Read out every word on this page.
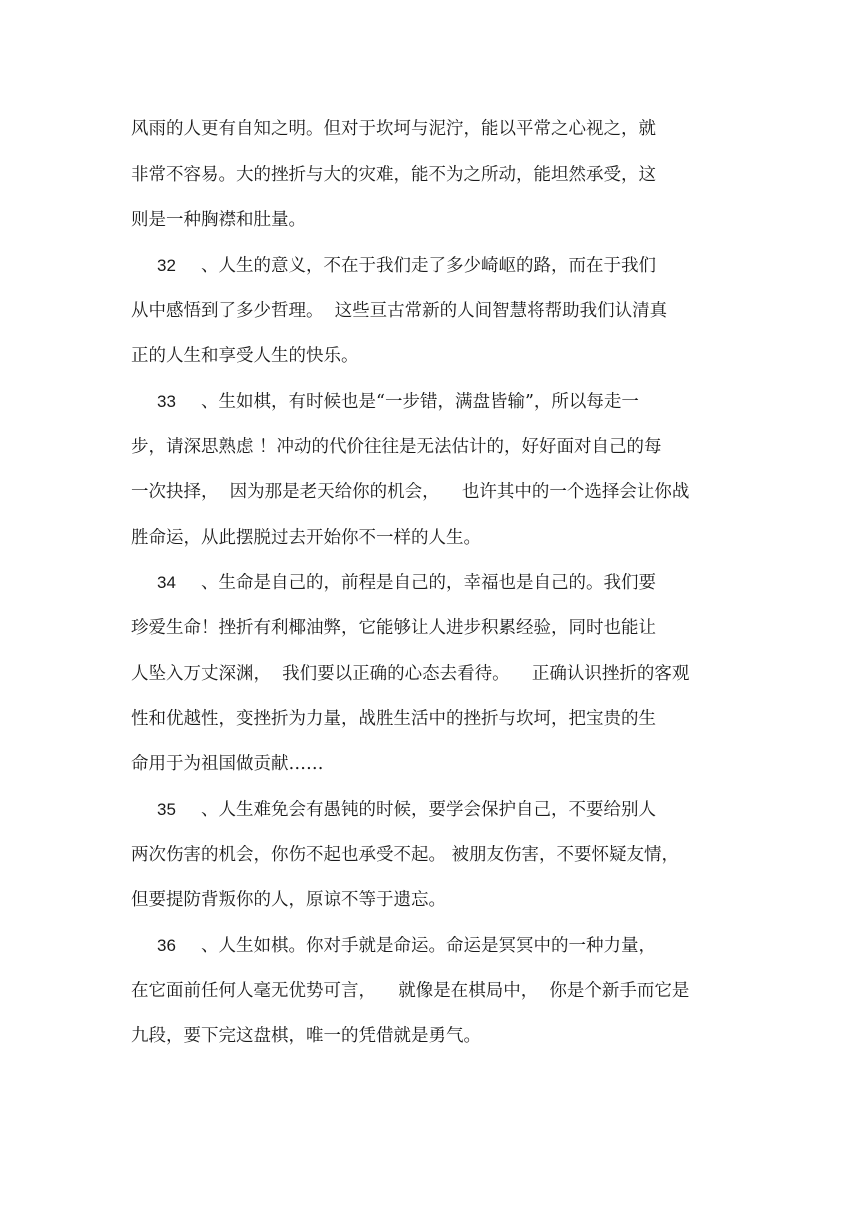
风雨的人更有自知之明。但对于坎坷与泥泞，能以平常之心视之，就
非常不容易。大的挫折与大的灾难，能不为之所动，能坦然承受，这
则是一种胸襟和肚量。
32 、人生的意义，不在于我们走了多少崎岖的路，而在于我们
从中感悟到了多少哲理。  这些亘古常新的人间智慧将帮助我们认清真
正的人生和享受人生的快乐。
33 、生如棋，有时候也是“一步错，满盘皆输”，所以每走一
步，请深思熟虑 ！冲动的代价往往是无法估计的，好好面对自己的每
一次抉择，  因为那是老天给你的机会，    也许其中的一个选择会让你战
胜命运，从此摆脱过去开始你不一样的人生。
34 、生命是自己的，前程是自己的，幸福也是自己的。我们要
珍爱生命！挫折有利椰油弊，它能够让人进步积累经验，同时也能让
人坠入万丈深渊，  我们要以正确的心态去看待。    正确认识挫折的客观
性和优越性，变挫折为力量，战胜生活中的挫折与坎坷，把宝贵的生
命用于为祖国做贡献……
35 、人生难免会有愚钝的时候，要学会保护自己，不要给别人
两次伤害的机会，你伤不起也承受不起。 被朋友伤害，不要怀疑友情，
但要提防背叛你的人，原谅不等于遗忘。
36 、人生如棋。你对手就是命运。命运是冥冥中的一种力量，
在它面前任何人毫无优势可言，    就像是在棋局中，  你是个新手而它是
九段，要下完这盘棋，唯一的凭借就是勇气。
